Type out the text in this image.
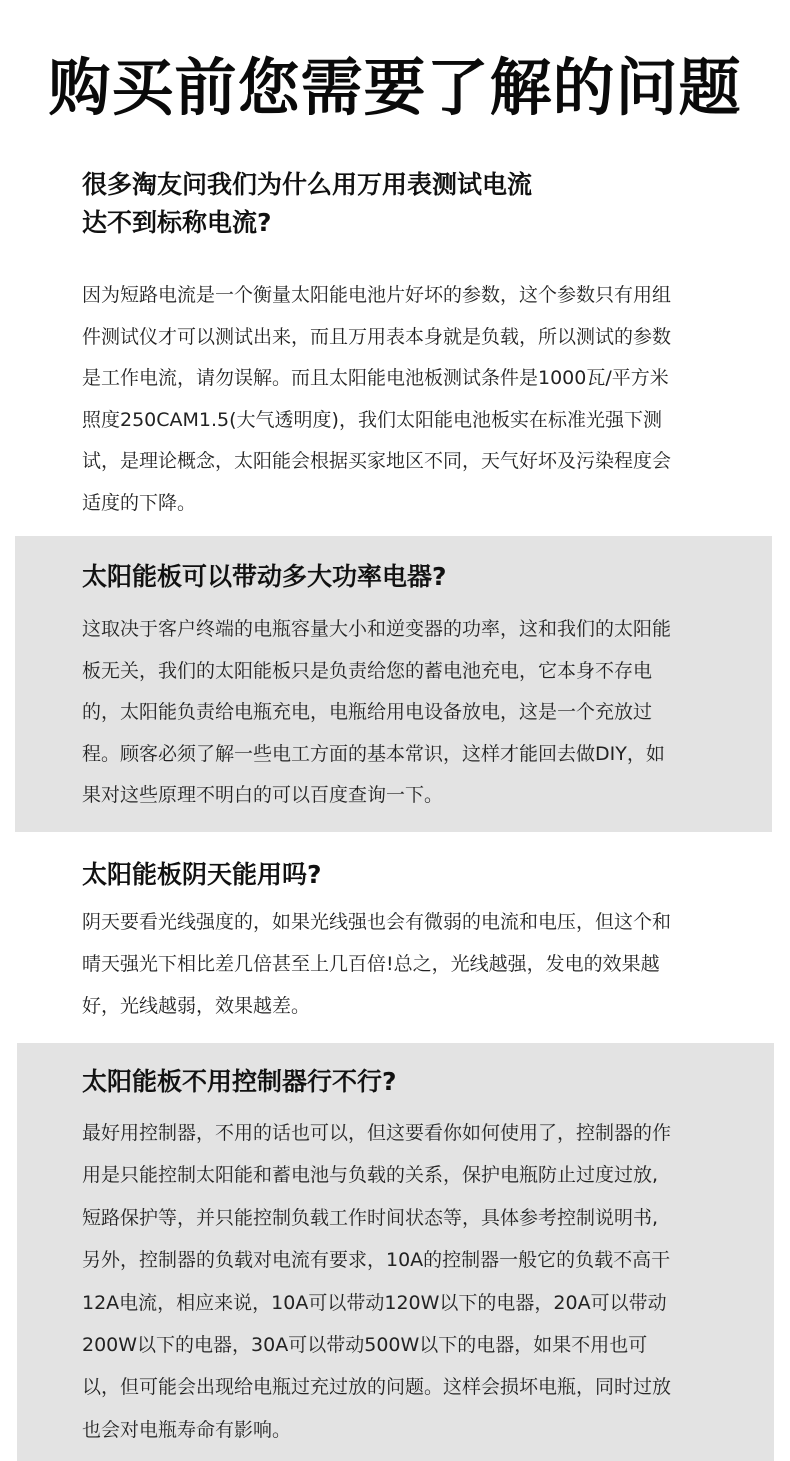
购买前您需要了解的问题
很多淘友问我们为什么用万用表测试电流
达不到标称电流?
因为短路电流是一个衡量太阳能电池片好坏的参数，这个参数只有用组
件测试仪才可以测试出来，而且万用表本身就是负载，所以测试的参数
是工作电流，请勿误解。而且太阳能电池板测试条件是1000瓦/平方米
照度250CAM1.5(大气透明度)，我们太阳能电池板实在标准光强下测
试，是理论概念，太阳能会根据买家地区不同，天气好坏及污染程度会
适度的下降。
太阳能板可以带动多大功率电器?
这取决于客户终端的电瓶容量大小和逆变器的功率，这和我们的太阳能
板无关，我们的太阳能板只是负责给您的蓄电池充电，它本身不存电
的，太阳能负责给电瓶充电，电瓶给用电设备放电，这是一个充放过
程。顾客必须了解一些电工方面的基本常识，这样才能回去做DIY，如
果对这些原理不明白的可以百度查询一下。
太阳能板阴天能用吗?
阴天要看光线强度的，如果光线强也会有微弱的电流和电压，但这个和
晴天强光下相比差几倍甚至上几百倍!总之，光线越强，发电的效果越
好，光线越弱，效果越差。
太阳能板不用控制器行不行?
最好用控制器，不用的话也可以，但这要看你如何使用了，控制器的作
用是只能控制太阳能和蓄电池与负载的关系，保护电瓶防止过度过放,
短路保护等，并只能控制负载工作时间状态等，具体参考控制说明书,
另外，控制器的负载对电流有要求，10A的控制器一般它的负载不高干
12A电流，相应来说，10A可以带动120W以下的电器，20A可以带动
200W以下的电器，30A可以带动500W以下的电器，如果不用也可
以，但可能会出现给电瓶过充过放的问题。这样会损坏电瓶，同时过放
也会对电瓶寿命有影响。
